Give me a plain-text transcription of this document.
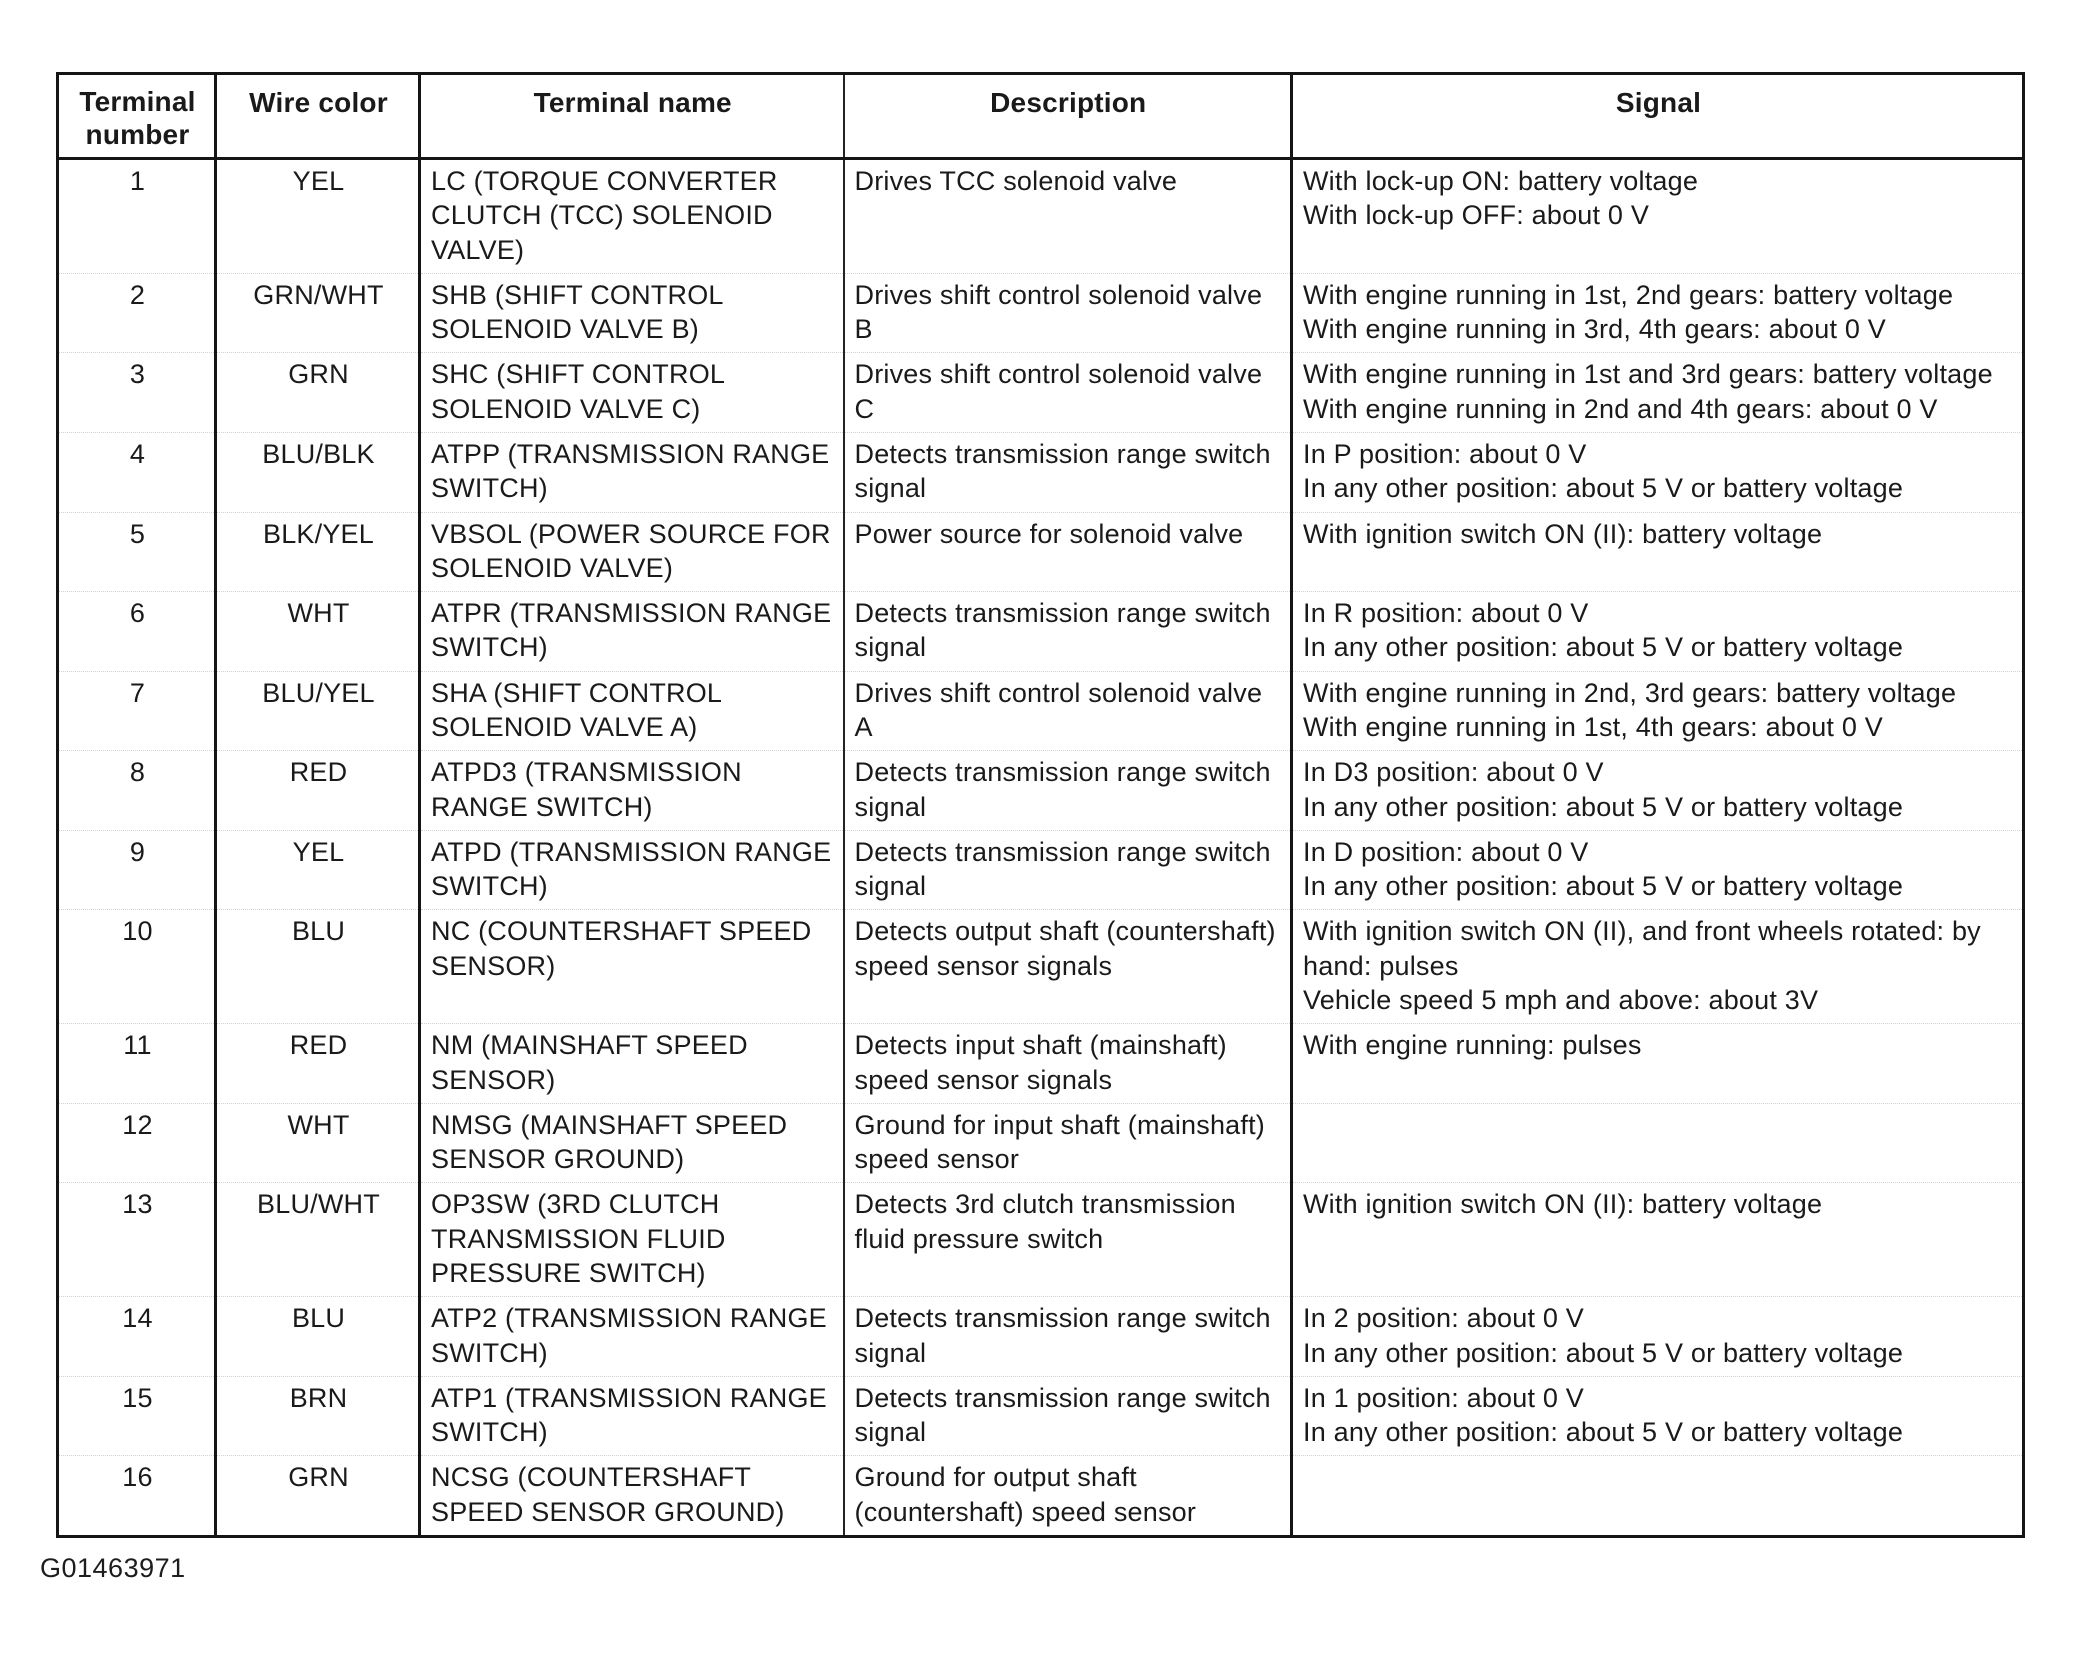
Terminal
number	Wire color	Terminal name	Description	Signal
1	YEL	LC (TORQUE CONVERTER CLUTCH (TCC) SOLENOID VALVE)	Drives TCC solenoid valve	With lock-up ON: battery voltage
With lock-up OFF: about 0 V

2	GRN/WHT	SHB (SHIFT CONTROL SOLENOID VALVE B)	Drives shift control solenoid valve B	With engine running in 1st, 2nd gears: battery voltage
With engine running in 3rd, 4th gears: about 0 V

3	GRN	SHC (SHIFT CONTROL SOLENOID VALVE C)	Drives shift control solenoid valve C	With engine running in 1st and 3rd gears: battery voltage
With engine running in 2nd and 4th gears: about 0 V

4	BLU/BLK	ATPP (TRANSMISSION RANGE SWITCH)	Detects transmission range switch signal	In P position: about 0 V
In any other position: about 5 V or battery voltage

5	BLK/YEL	VBSOL (POWER SOURCE FOR SOLENOID VALVE)	Power source for solenoid valve	With ignition switch ON (II): battery voltage
6	WHT	ATPR (TRANSMISSION RANGE SWITCH)	Detects transmission range switch signal	In R position: about 0 V
In any other position: about 5 V or battery voltage

7	BLU/YEL	SHA (SHIFT CONTROL SOLENOID VALVE A)	Drives shift control solenoid valve A	With engine running in 2nd, 3rd gears: battery voltage
With engine running in 1st, 4th gears: about 0 V

8	RED	ATPD3 (TRANSMISSION RANGE SWITCH)	Detects transmission range switch signal	In D3 position: about 0 V
In any other position: about 5 V or battery voltage

9	YEL	ATPD (TRANSMISSION RANGE SWITCH)	Detects transmission range switch signal	In D position: about 0 V
In any other position: about 5 V or battery voltage

10	BLU	NC (COUNTERSHAFT SPEED SENSOR)	Detects output shaft (countershaft) speed sensor signals	With ignition switch ON (II), and front wheels rotated: by hand: pulses
Vehicle speed 5 mph and above: about 3V

11	RED	NM (MAINSHAFT SPEED SENSOR)	Detects input shaft (mainshaft) speed sensor signals	With engine running: pulses
12	WHT	NMSG (MAINSHAFT SPEED SENSOR GROUND)	Ground for input shaft (mainshaft) speed sensor	
13	BLU/WHT	OP3SW (3RD CLUTCH TRANSMISSION FLUID PRESSURE SWITCH)	Detects 3rd clutch transmission fluid pressure switch	With ignition switch ON (II): battery voltage
14	BLU	ATP2 (TRANSMISSION RANGE SWITCH)	Detects transmission range switch signal	In 2 position: about 0 V
In any other position: about 5 V or battery voltage

15	BRN	ATP1 (TRANSMISSION RANGE SWITCH)	Detects transmission range switch signal	In 1 position: about 0 V
In any other position: about 5 V or battery voltage

16	GRN	NCSG (COUNTERSHAFT SPEED SENSOR GROUND)	Ground for output shaft (countershaft) speed sensor	
G01463971
